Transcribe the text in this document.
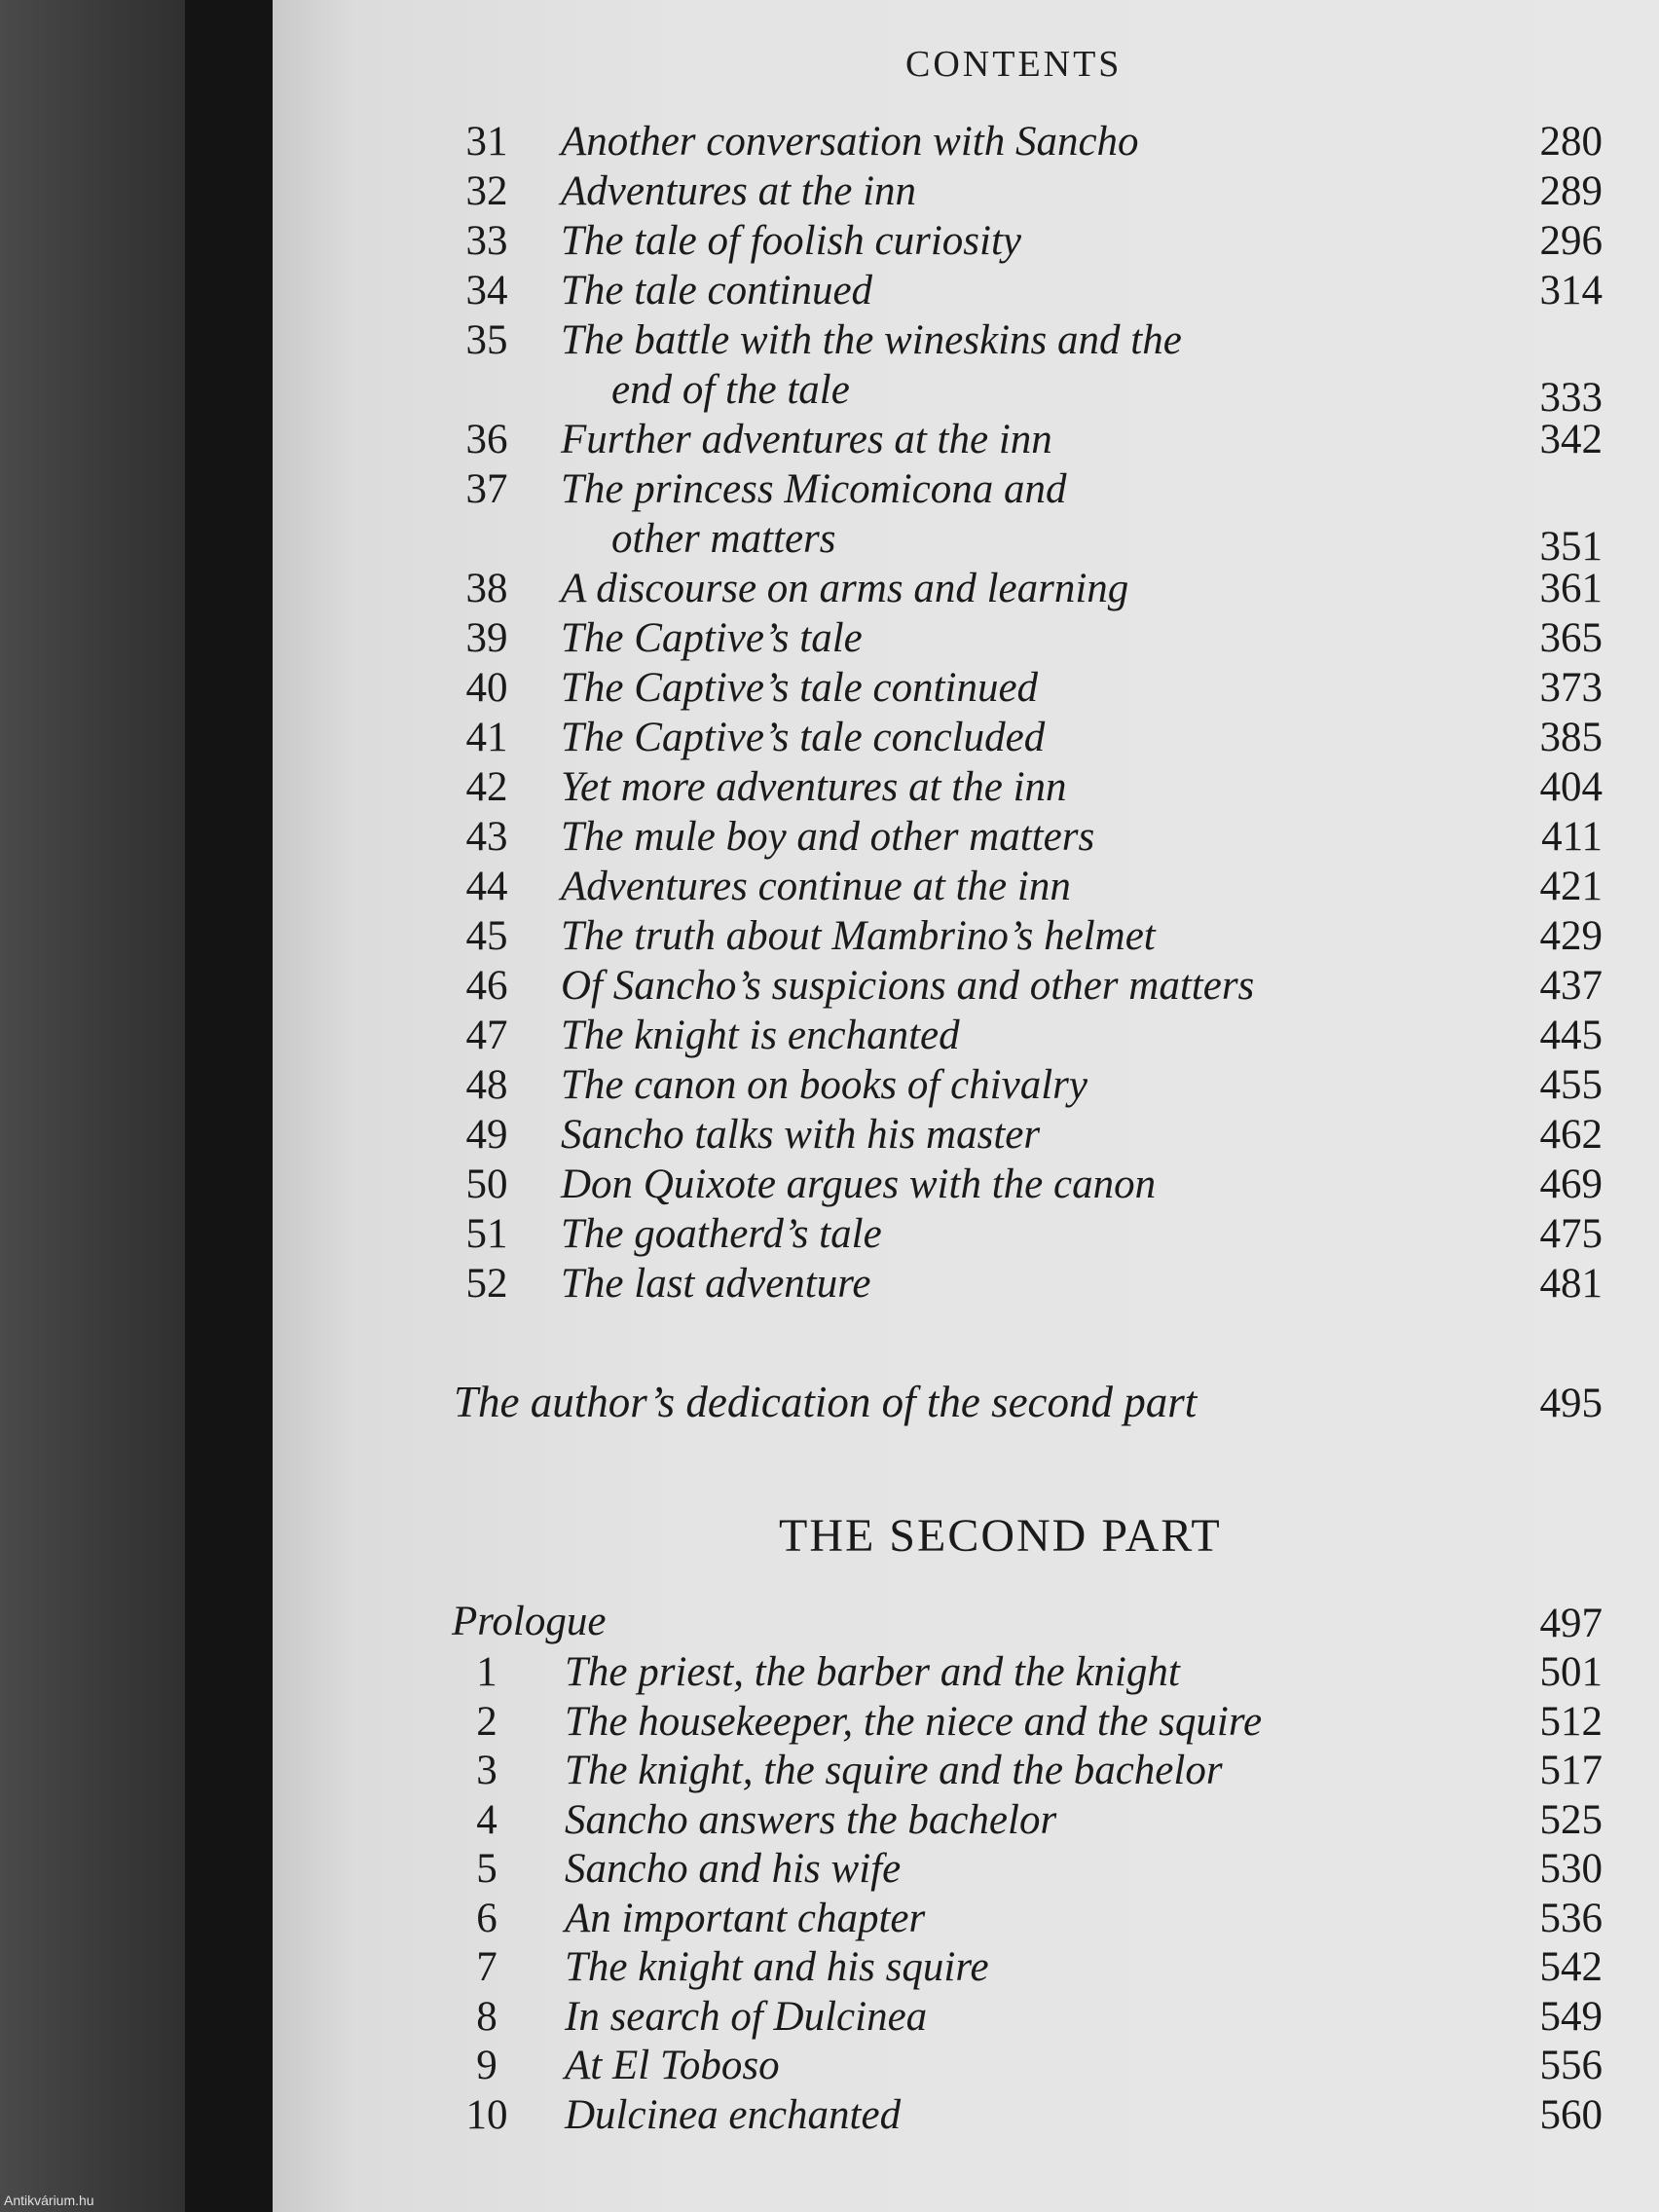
CONTENTS
31	Another conversation with Sancho	280
32	Adventures at the inn	289
33	The tale of foolish curiosity	296
34	The tale continued	314
35	The battle with the wineskins and the
end of the tale	333
36	Further adventures at the inn	342
37	The princess Micomicona and
other matters	351
38	A discourse on arms and learning	361
39	The Captive’s tale	365
40	The Captive’s tale continued	373
41	The Captive’s tale concluded	385
42	Yet more adventures at the inn	404
43	The mule boy and other matters	411
44	Adventures continue at the inn	421
45	The truth about Mambrino’s helmet	429
46	Of Sancho’s suspicions and other matters	437
47	The knight is enchanted	445
48	The canon on books of chivalry	455
49	Sancho talks with his master	462
50	Don Quixote argues with the canon	469
51	The goatherd’s tale	475
52	The last adventure	481
The author’s dedication of the second part	495
THE SECOND PART
Prologue	497
1	The priest, the barber and the knight	501
2	The housekeeper, the niece and the squire	512
3	The knight, the squire and the bachelor	517
4	Sancho answers the bachelor	525
5	Sancho and his wife	530
6	An important chapter	536
7	The knight and his squire	542
8	In search of Dulcinea	549
9	At El Toboso	556
10	Dulcinea enchanted	560
Antikvárium.hu
